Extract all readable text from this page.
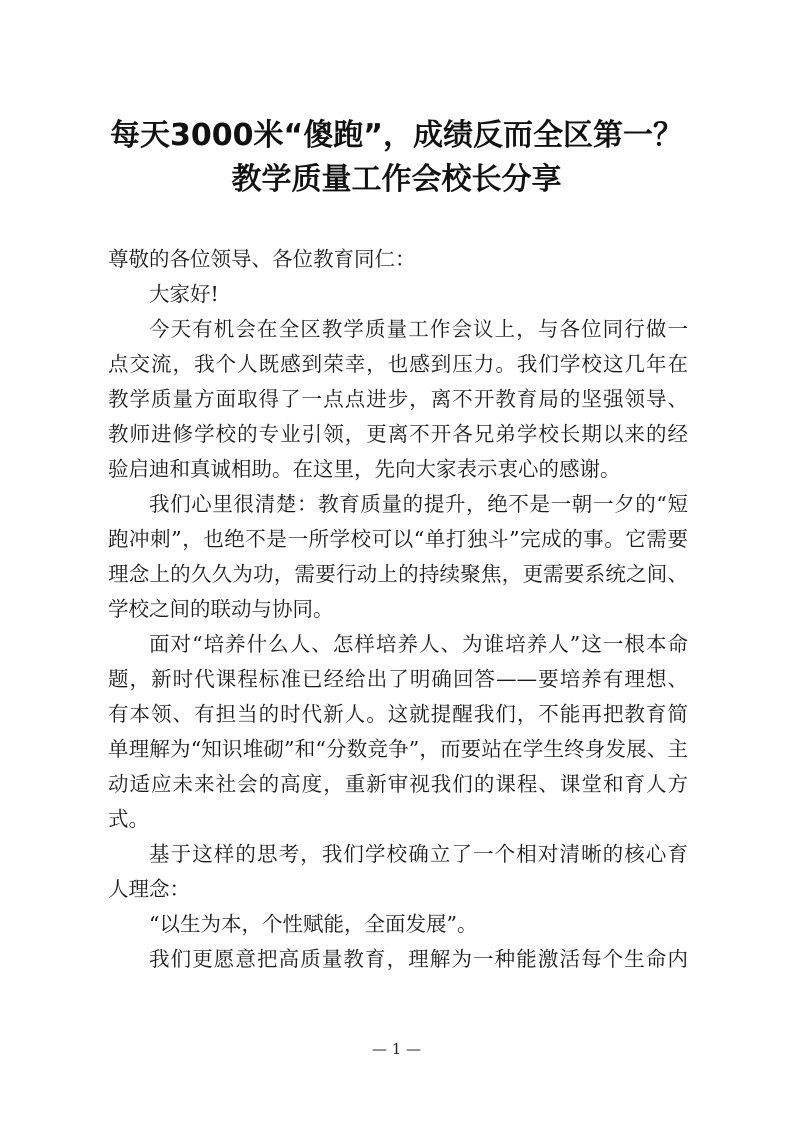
每天3000米“傻跑”，成绩反而全区第一？
教学质量工作会校长分享
尊敬的各位领导、各位教育同仁：
大家好!
今天有机会在全区教学质量工作会议上，与各位同行做一
点交流，我个人既感到荣幸，也感到压力。我们学校这几年在
教学质量方面取得了一点点进步，离不开教育局的坚强领导、
教师进修学校的专业引领，更离不开各兄弟学校长期以来的经
验启迪和真诚相助。在这里，先向大家表示衷心的感谢。
我们心里很清楚：教育质量的提升，绝不是一朝一夕的“短
跑冲刺”，也绝不是一所学校可以“单打独斗”完成的事。它需要
理念上的久久为功，需要行动上的持续聚焦，更需要系统之间、
学校之间的联动与协同。
面对“培养什么人、怎样培养人、为谁培养人”这一根本命
题，新时代课程标准已经给出了明确回答——要培养有理想、
有本领、有担当的时代新人。这就提醒我们，不能再把教育简
单理解为“知识堆砌”和“分数竞争”，而要站在学生终身发展、主
动适应未来社会的高度，重新审视我们的课程、课堂和育人方
式。
基于这样的思考，我们学校确立了一个相对清晰的核心育
人理念：
“以生为本，个性赋能，全面发展”。
我们更愿意把高质量教育，理解为一种能激活每个生命内
— 1 —
